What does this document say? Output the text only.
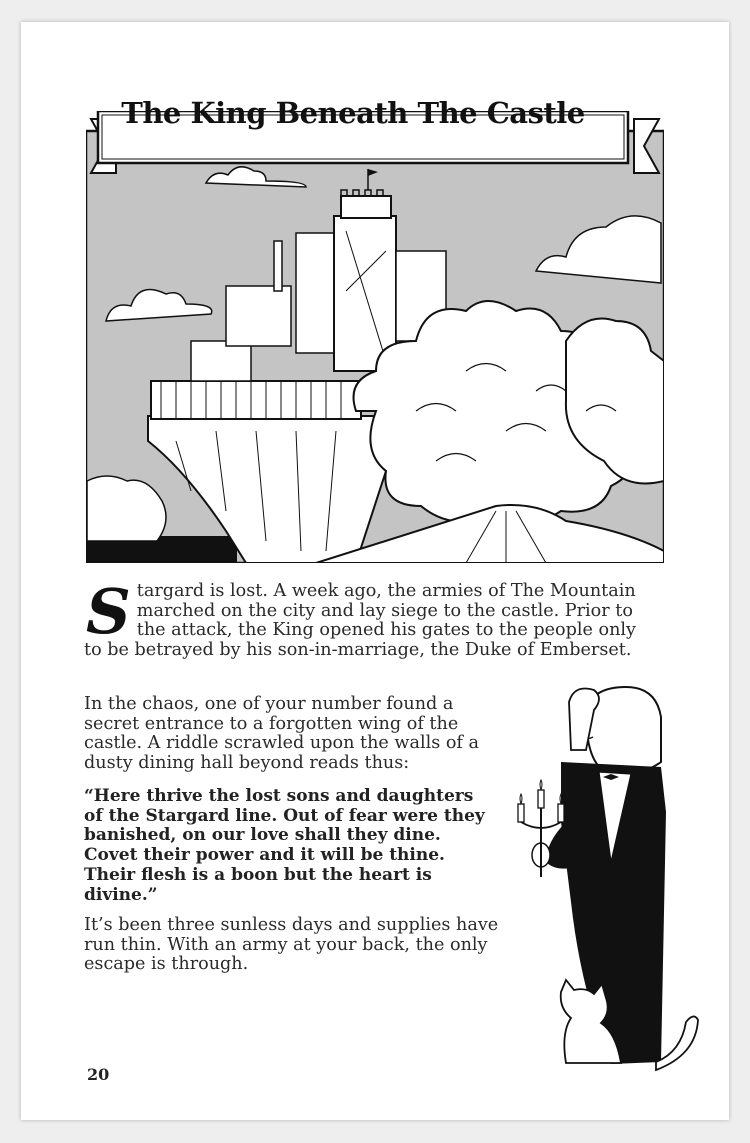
The King Beneath The Castle
Stargard is lost. A week ago, the armies of The Mountain marched on the city and lay siege to the castle. Prior to the attack, the King opened his gates to the people only to be betrayed by his son-in-marriage, the Duke of Emberset.
In the chaos, one of your number found a secret entrance to a forgotten wing of the castle. A riddle scrawled upon the walls of a dusty dining hall beyond reads thus:
“Here thrive the lost sons and daughters of the Stargard line. Out of fear were they banished, on our love shall they dine. Covet their power and it will be thine. Their flesh is a boon but the heart is divine.”
It’s been three sunless days and supplies have run thin. With an army at your back, the only escape is through.
20
